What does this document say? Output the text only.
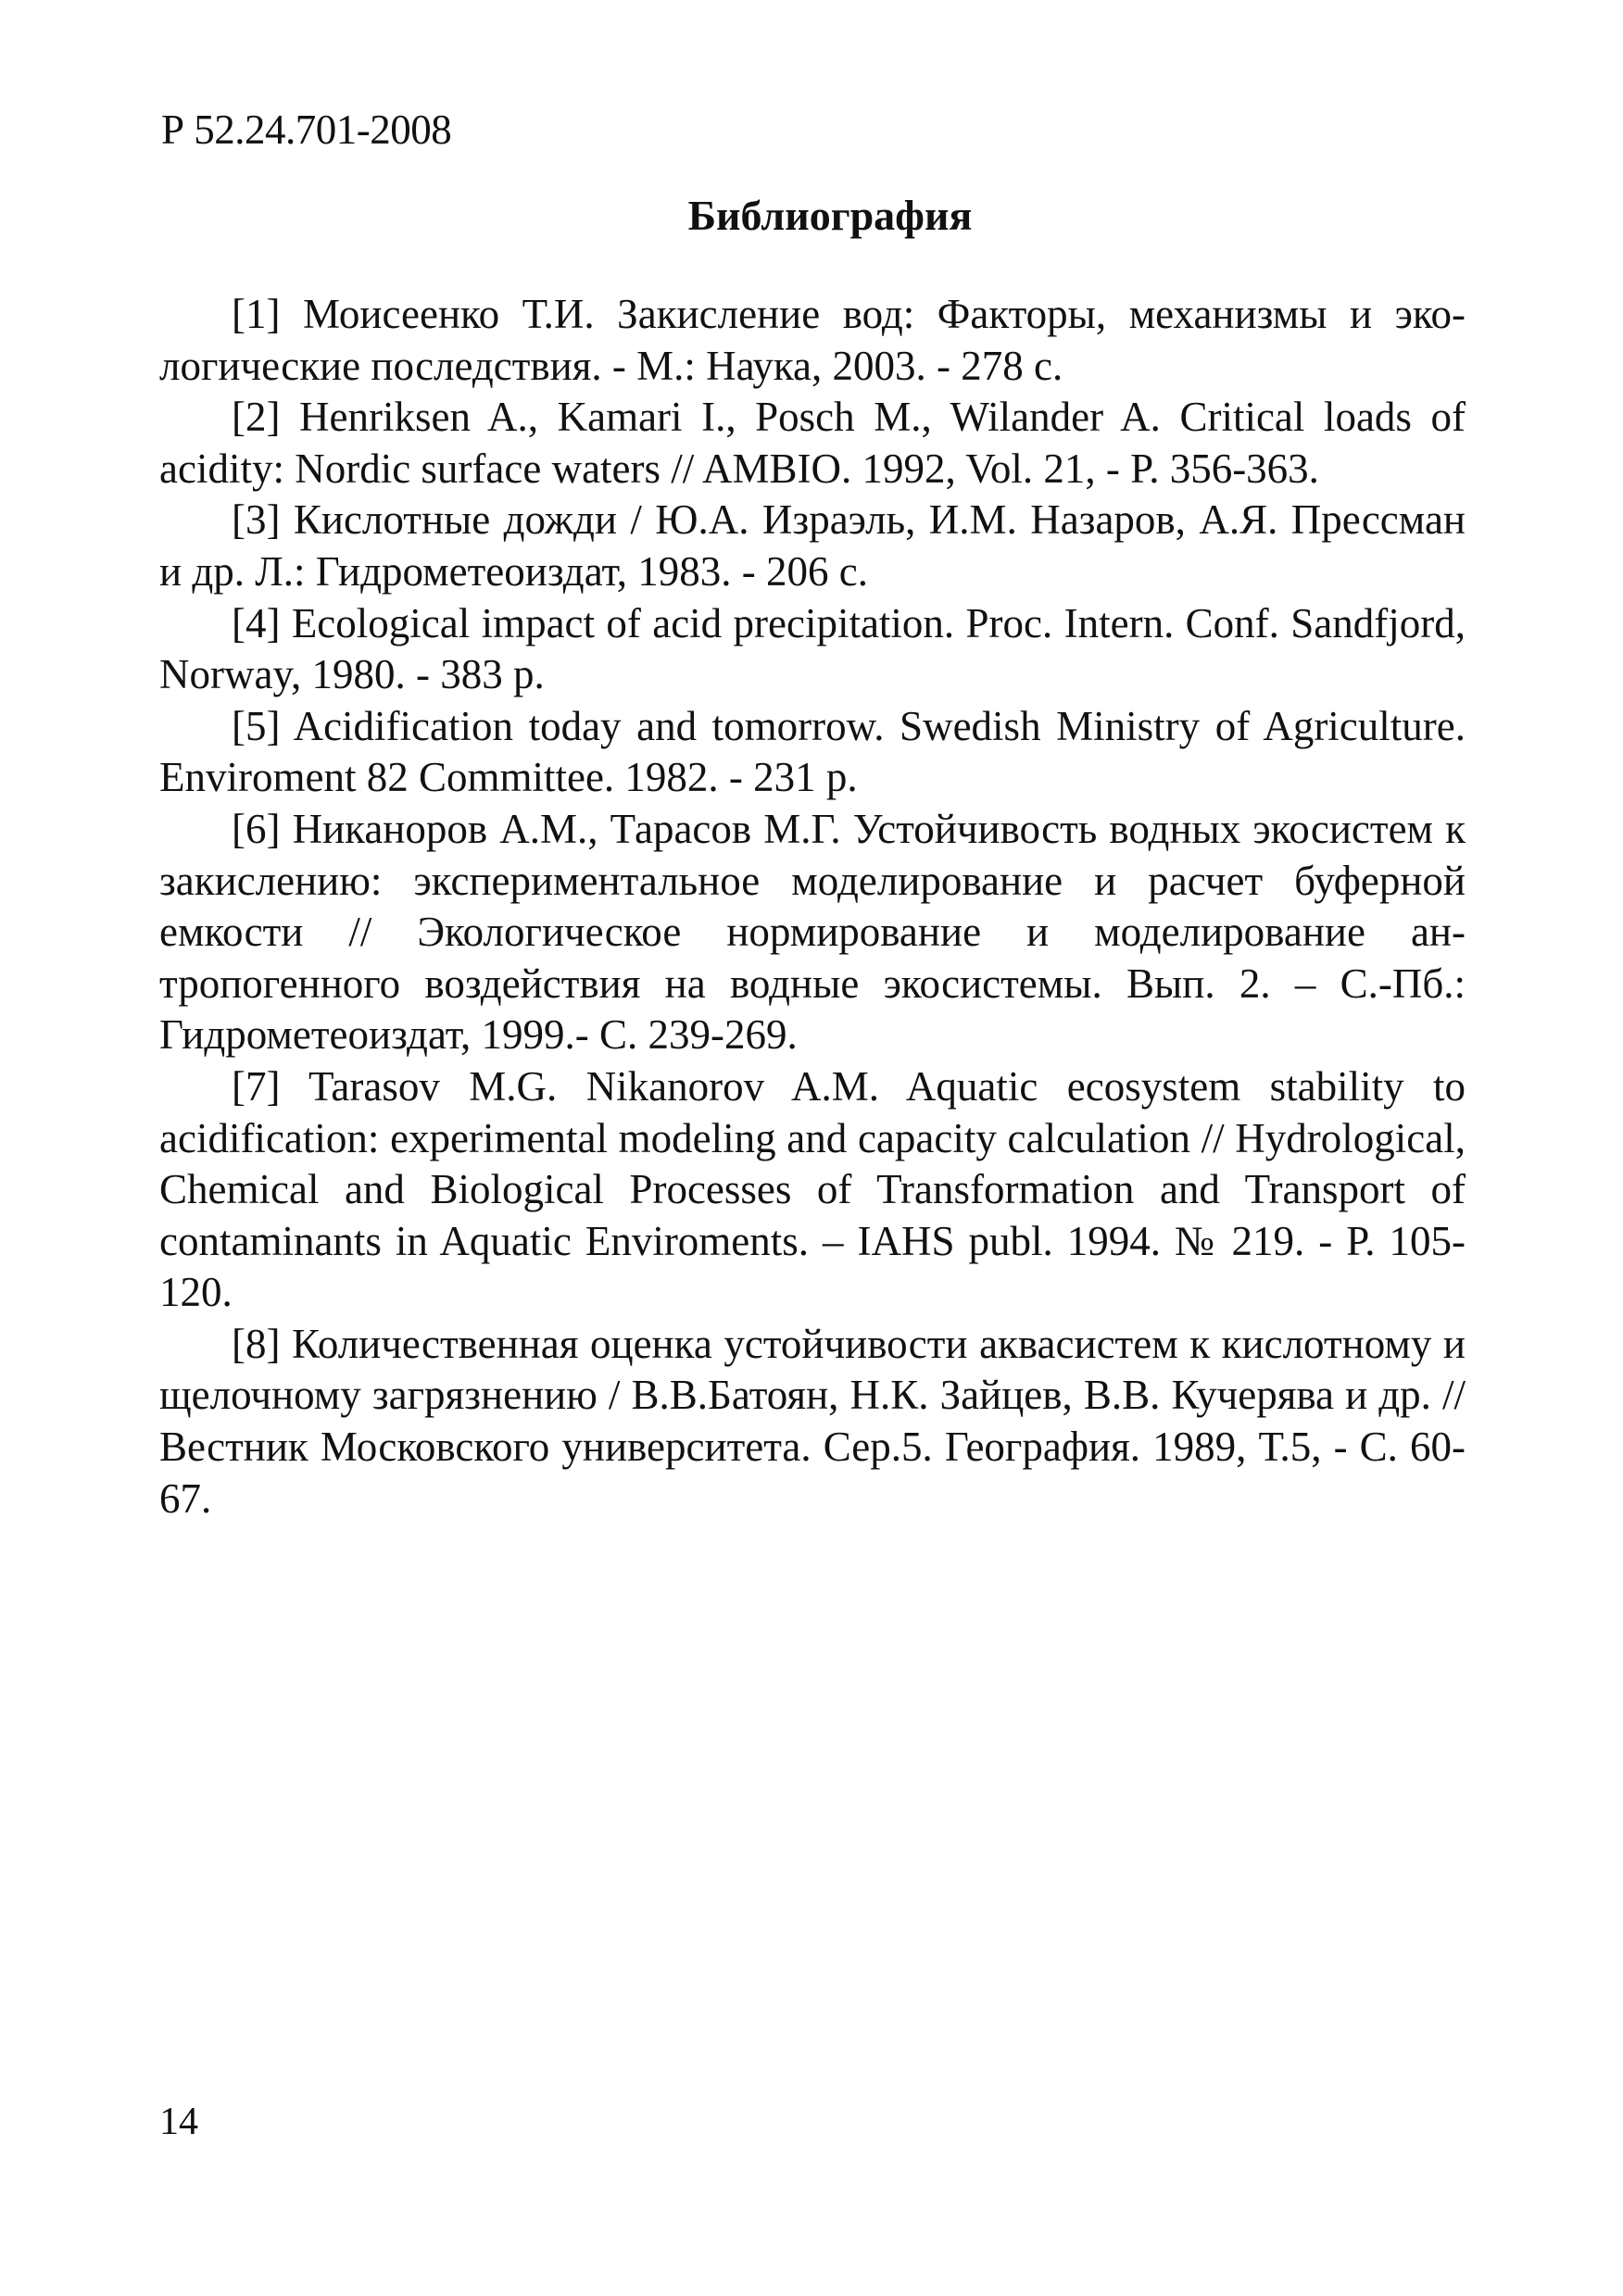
Р 52.24.701-2008
Библиография
[1] Моисеенко Т.И. Закисление вод: Факторы, механизмы и экологические последствия. - М.: Наука, 2003. - 278 с.
[2] Henriksen A., Kamari I., Posch M., Wilander A. Critical loads of acidity: Nordic surface waters // AMBIO. 1992, Vol. 21, - P. 356-363.
[3] Кислотные дожди / Ю.А. Израэль, И.М. Назаров, А.Я. Прессман и др. Л.: Гидрометеоиздат, 1983. - 206 с.
[4] Ecological impact of acid precipitation. Proc. Intern. Conf. Sandfjord, Norway, 1980. - 383 p.
[5] Acidification today and tomorrow. Swedish Ministry of Agriculture. Enviroment 82 Committee. 1982. - 231 p.
[6] Никаноров А.М., Тарасов М.Г. Устойчивость водных экосистем к закислению: экспериментальное моделирование и расчет буферной емкости // Экологическое нормирование и моделирование антропогенного воздействия на водные экосистемы. Вып. 2. – С.-Пб.: Гидрометеоиздат, 1999.- С. 239-269.
[7] Tarasov M.G. Nikanorov A.M. Aquatic ecosystem stability to acidification: experimental modeling and capacity calculation // Hydrological, Chemical and Biological Processes of Transformation and Transport of contaminants in Aquatic Enviroments. – IAHS publ. 1994. № 219. - P. 105-120.
[8] Количественная оценка устойчивости аквасистем к кислотному и щелочному загрязнению / В.В.Батоян, Н.К. Зайцев, В.В. Кучерява и др. // Вестник Московского университета. Сер.5. География. 1989, Т.5, - С. 60-67.
14
